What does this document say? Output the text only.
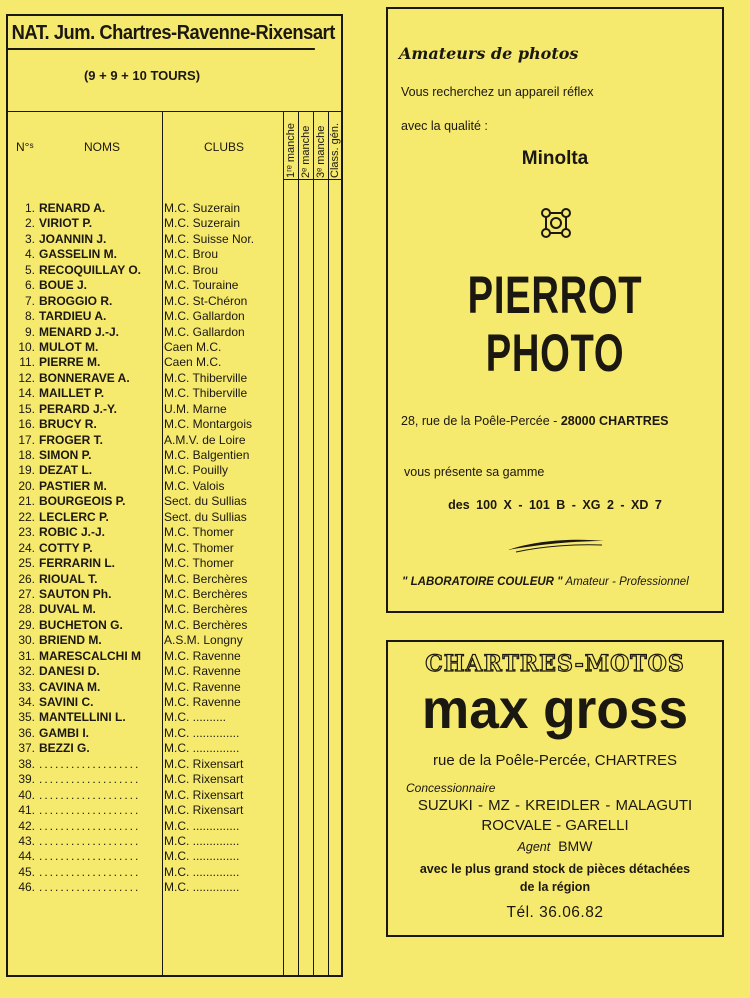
NAT. Jum. Chartres-Ravenne-Rixensart
(9 + 9 + 10 TOURS)
N°ˢ	NOMS	CLUBS	1ʳᵉ manche 2ᵉ manche 3ᵉ manche Class. gén.
1. RENARD A.	M.C. Suzerain
2. VIRIOT P.	M.C. Suzerain
3. JOANNIN J.	M.C. Suisse Nor.
4. GASSELIN M.	M.C. Brou
5. RECOQUILLAY O.	M.C. Brou
6. BOUE J.	M.C. Touraine
7. BROGGIO R.	M.C. St-Chéron
8. TARDIEU A.	M.C. Gallardon
9. MENARD J.-J.	M.C. Gallardon
10. MULOT M.	Caen M.C.
11. PIERRE M.	Caen M.C.
12. BONNERAVE A.	M.C. Thiberville
14. MAILLET P.	M.C. Thiberville
15. PERARD J.-Y.	U.M. Marne
16. BRUCY R.	M.C. Montargois
17. FROGER T.	A.M.V. de Loire
18. SIMON P.	M.C. Balgentien
19. DEZAT L.	M.C. Pouilly
20. PASTIER M.	M.C. Valois
21. BOURGEOIS P.	Sect. du Sullias
22. LECLERC P.	Sect. du Sullias
23. ROBIC J.-J.	M.C. Thomer
24. COTTY P.	M.C. Thomer
25. FERRARIN L.	M.C. Thomer
26. RIOUAL T.	M.C. Berchères
27. SAUTON Ph.	M.C. Berchères
28. DUVAL M.	M.C. Berchères
29. BUCHETON G.	M.C. Berchères
30. BRIEND M.	A.S.M. Longny
31. MARESCALCHI M	M.C. Ravenne
32. DANESI D.	M.C. Ravenne
33. CAVINA M.	M.C. Ravenne
34. SAVINI C.	M.C. Ravenne
35. MANTELLINI L.	M.C. ..........
36. GAMBI I.	M.C. ..............
37. BEZZI G.	M.C. ..............
38. ...................	M.C. Rixensart
39. ...................	M.C. Rixensart
40. ...................	M.C. Rixensart
41. ...................	M.C. Rixensart
42. ...................	M.C. ..............
43. ...................	M.C. ..............
44. ...................	M.C. ..............
45. ...................	M.C. ..............
46. ...................	M.C. ..............
Amateurs de photos
Vous recherchez un appareil réflex
avec la qualité :
Minolta
PIERROT
PHOTO
28, rue de la Poêle-Percée - 28000 CHARTRES
vous présente sa gamme
des 100 X - 101 B - XG 2 - XD 7
" LABORATOIRE COULEUR " Amateur - Professionnel
CHARTRES-MOTOS
max gross
rue de la Poêle-Percée, CHARTRES
Concessionnaire
SUZUKI - MZ - KREIDLER - MALAGUTI
ROCVALE - GARELLI
Agent BMW
avec le plus grand stock de pièces détachées
de la région
Tél. 36.06.82
